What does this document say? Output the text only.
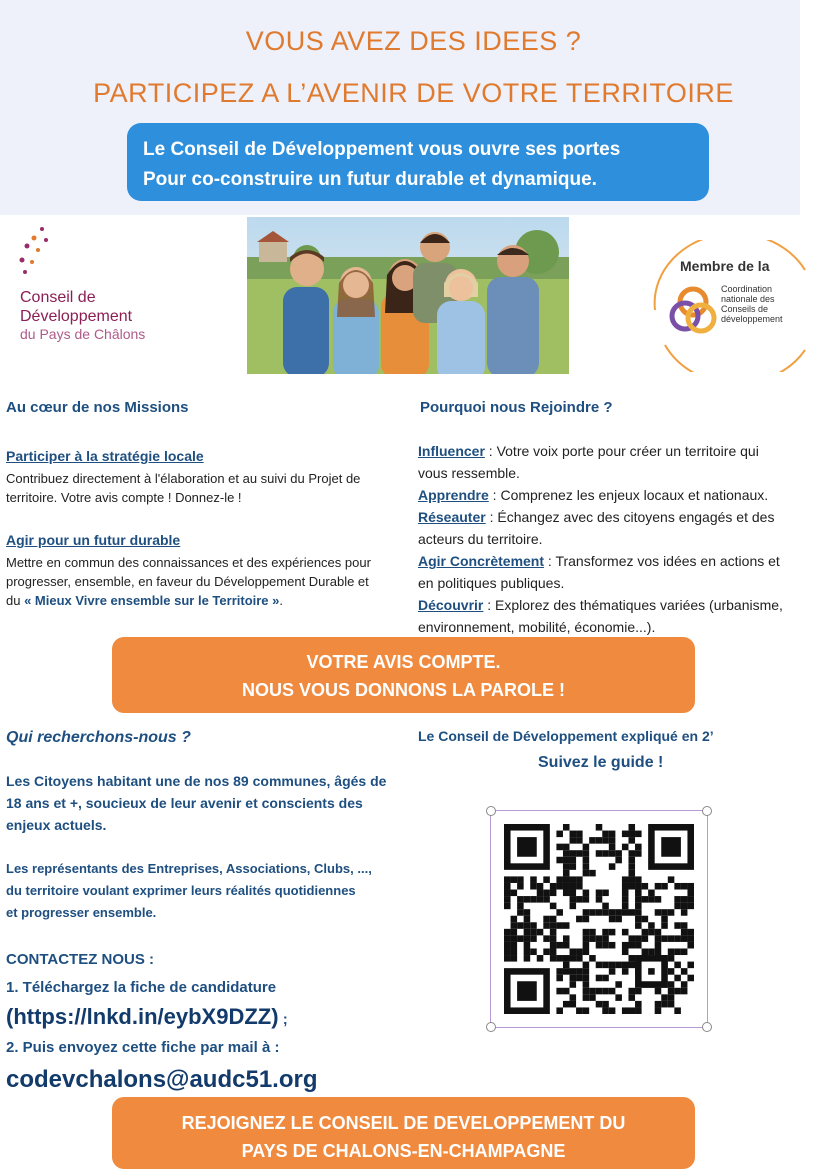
VOUS AVEZ DES IDEES ?
PARTICIPEZ A L’AVENIR DE VOTRE TERRITOIRE
Le Conseil de Développement vous ouvre ses portes
Pour co-construire un futur durable et dynamique.
Conseil de
Développement
du Pays de Châlons
Membre de la
Coordination
nationale des
Conseils de
développement
Au cœur de nos Missions
Participer à la stratégie locale
Contribuez directement à l'élaboration et au suivi du Projet de
territoire. Votre avis compte ! Donnez-le !
Agir pour un futur durable
Mettre en commun des connaissances et des expériences pour
progresser, ensemble, en faveur du Développement Durable et
du « Mieux Vivre ensemble sur le Territoire ».
Pourquoi nous Rejoindre ?
Influencer : Votre voix porte pour créer un territoire qui
vous ressemble.
Apprendre : Comprenez les enjeux locaux et nationaux.
Réseauter : Échangez avec des citoyens engagés et des
acteurs du territoire.
Agir Concrètement : Transformez vos idées en actions et
en politiques publiques.
Découvrir : Explorez des thématiques variées (urbanisme,
environnement, mobilité, économie...).
VOTRE AVIS COMPTE.
NOUS VOUS DONNONS LA PAROLE !
Qui recherchons-nous ?
Les Citoyens habitant une de nos 89 communes, âgés de
18 ans et +, soucieux de leur avenir et conscients des
enjeux actuels.
Les représentants des Entreprises, Associations, Clubs, ...,
du territoire voulant exprimer leurs réalités quotidiennes
et progresser ensemble.
Le Conseil de Développement expliqué en 2’
Suivez le guide !
CONTACTEZ NOUS :
1. Téléchargez la fiche de candidature
(https://lnkd.in/eybX9DZZ) ;
2. Puis envoyez cette fiche par mail à :
codevchalons@audc51.org
REJOIGNEZ LE CONSEIL DE DEVELOPPEMENT DU
PAYS DE CHALONS-EN-CHAMPAGNE
